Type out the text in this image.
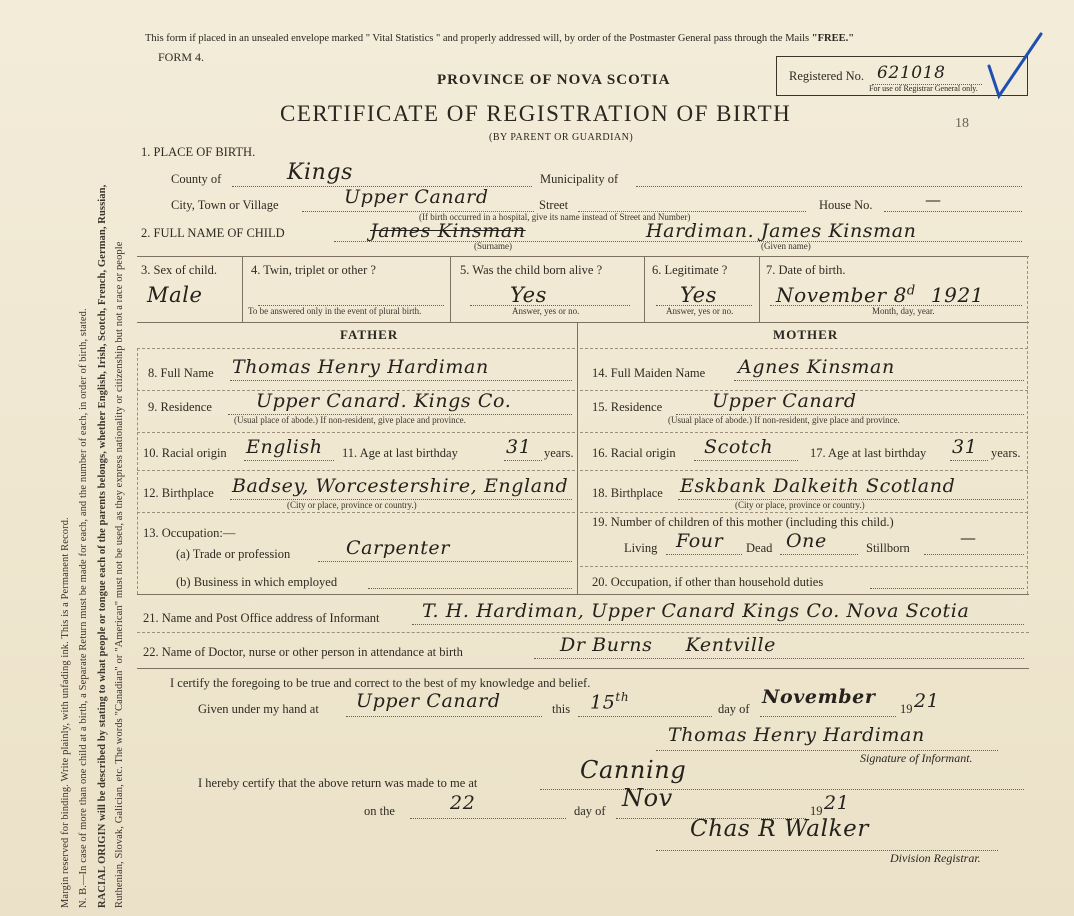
Margin reserved for binding. Write plainly, with unfading ink. This is a Permanent Record. N. B.—In case of more than one child at a birth, a Separate Return must be made for each, and the number of each, in order of birth, stated. RACIAL ORIGIN will be described by stating to what people or tongue each of the parents belongs, whether English, Irish, Scotch, French, German, Russian, Ruthenian, Slovak, Galician, etc. The words "Canadian" or "American" must not be used, as they express nationality or citizenship but not a race or people
This form if placed in an unsealed envelope marked " Vital Statistics " and properly addressed will, by order of the Postmaster General pass through the Mails "FREE."
FORM 4.
PROVINCE OF NOVA SCOTIA
CERTIFICATE OF REGISTRATION OF BIRTH
(BY PARENT OR GUARDIAN)
18
Registered No. 621018
For use of Registrar General only.
1. PLACE OF BIRTH.
County of	Kings	Municipality of
City, Town or Village	Upper Canard	Street	House No.	—
(If birth occurred in a hospital, give its name instead of Street and Number)
2. FULL NAME OF CHILD	James Kinsman
(Surname)
Hardiman. James Kinsman
(Given name)
3. Sex of child.
Male
4. Twin, triplet or other ?
To be answered only in the event of plural birth.
5. Was the child born alive ?
Yes
Answer, yes or no.
6. Legitimate ?
Yes
Answer, yes or no.
7. Date of birth.
November 8$^d$ 1921
Month, day, year.
FATHER	MOTHER
8. Full Name Thomas Henry Hardiman
9. Residence Upper Canard. Kings Co.
(Usual place of abode.) If non-resident, give place and province.
10. Racial origin English 11. Age at last birthday	31 years.
12. Birthplace Badsey, Worcestershire, England
(City or place, province or country.)
13. Occupation:—
(a) Trade or profession	Carpenter
(b) Business in which employed
14. Full Maiden Name Agnes Kinsman
15. Residence	Upper Canard
(Usual place of abode.) If non-resident, give place and province.
16. Racial origin Scotch	17. Age at last birthday 31 years.
18. Birthplace Eskbank Dalkeith Scotland
(City or place, province or country.)
19. Number of children of this mother (including this child.)
Living Four Dead One	Stillborn
—
20. Occupation, if other than household duties
21. Name and Post Office address of Informant T. H. Hardiman, Upper Canard Kings Co. Nova Scotia
22. Name of Doctor, nurse or other person in attendance at birth	Dr Burns     Kentville
I certify the foregoing to be true and correct to the best of my knowledge and belief.
Given under my hand at Upper Canard	this 15th
day of
November
19 21
Thomas Henry Hardiman
Signature of Informant.
I hereby certify that the above return was made to me at	Canning
on the	22	day of Nov	19 21
Chas R Walker
Division Registrar.
